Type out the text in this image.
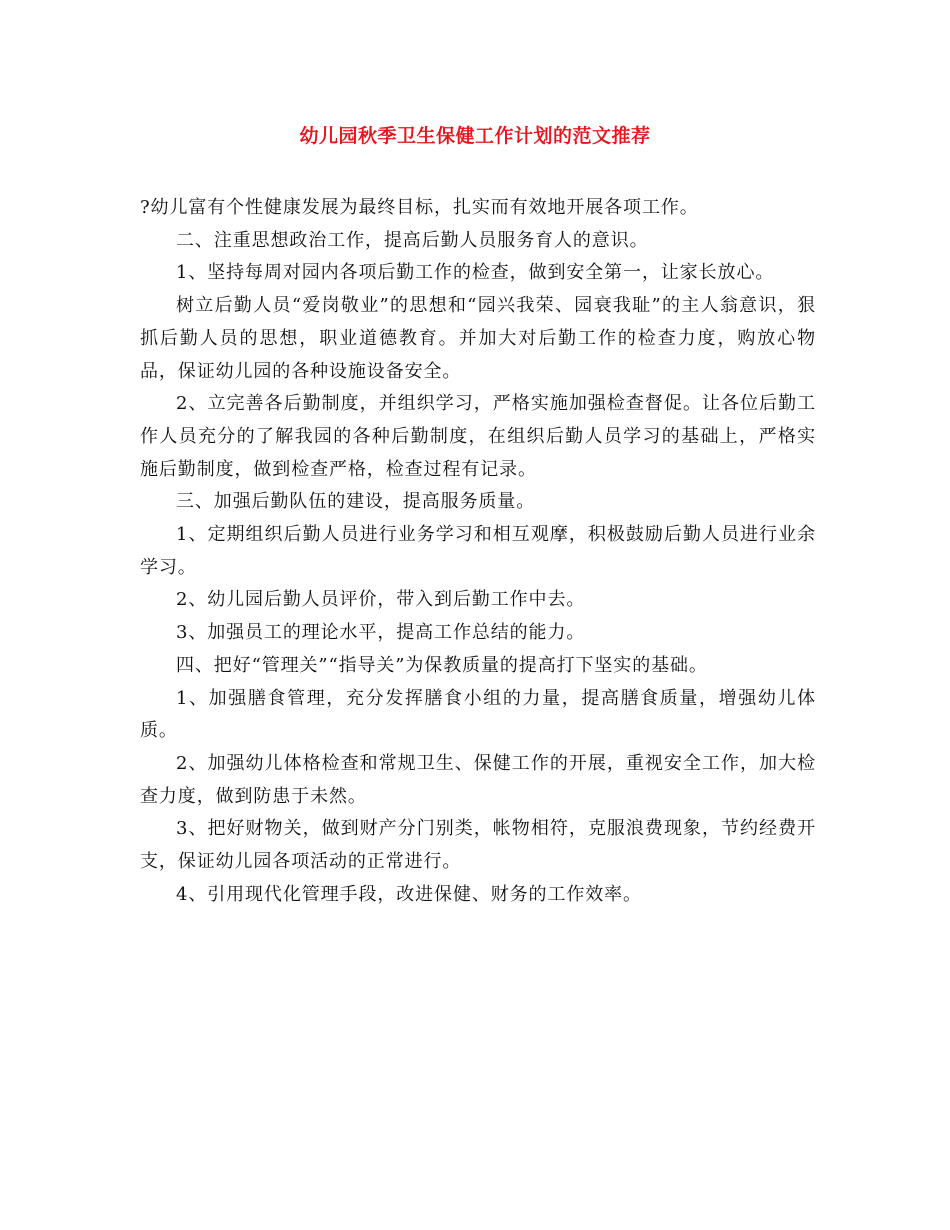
幼儿园秋季卫生保健工作计划的范文推荐

?幼儿富有个性健康发展为最终目标，扎实而有效地开展各项工作。

二、注重思想政治工作，提高后勤人员服务育人的意识。

1、坚持每周对园内各项后勤工作的检查，做到安全第一，让家长放心。

树立后勤人员“爱岗敬业”的思想和“园兴我荣、园衰我耻”的主人翁意识，狠抓后勤人员的思想，职业道德教育。并加大对后勤工作的检查力度，购放心物品，保证幼儿园的各种设施设备安全。

2、立完善各后勤制度，并组织学习，严格实施加强检查督促。让各位后勤工作人员充分的了解我园的各种后勤制度，在组织后勤人员学习的基础上，严格实施后勤制度，做到检查严格，检查过程有记录。

三、加强后勤队伍的建设，提高服务质量。

1、定期组织后勤人员进行业务学习和相互观摩，积极鼓励后勤人员进行业余学习。

2、幼儿园后勤人员评价，带入到后勤工作中去。

3、加强员工的理论水平，提高工作总结的能力。

四、把好“管理关”“指导关”为保教质量的提高打下坚实的基础。

1、加强膳食管理，充分发挥膳食小组的力量，提高膳食质量，增强幼儿体质。

2、加强幼儿体格检查和常规卫生、保健工作的开展，重视安全工作，加大检查力度，做到防患于未然。

3、把好财物关，做到财产分门别类，帐物相符，克服浪费现象，节约经费开支，保证幼儿园各项活动的正常进行。

4、引用现代化管理手段，改进保健、财务的工作效率。
